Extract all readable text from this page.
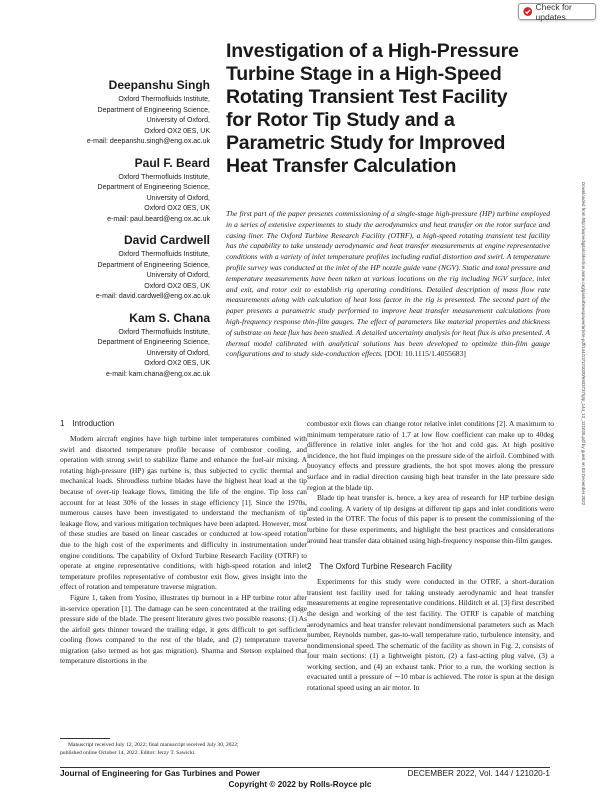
Check for updates
Investigation of a High-Pressure
Turbine Stage in a High-Speed
Rotating Transient Test Facility
for Rotor Tip Study and a
Parametric Study for Improved
Heat Transfer Calculation
Deepanshu Singh
Oxford Thermofluids Institute,
Department of Engineering Science,
University of Oxford,
Oxford OX2 0ES, UK
e-mail: deepanshu.singh@eng.ox.ac.uk
Paul F. Beard
Oxford Thermofluids Institute,
Department of Engineering Science,
University of Oxford,
Oxford OX2 0ES, UK
e-mail: paul.beard@eng.ox.ac.uk
David Cardwell
Oxford Thermofluids Institute,
Department of Engineering Science,
University of Oxford,
Oxford OX2 0ES, UK
e-mail: david.cardwell@eng.ox.ac.uk
Kam S. Chana
Oxford Thermofluids Institute,
Department of Engineering Science,
University of Oxford,
Oxford OX2 0ES, UK
e-mail: kam.chana@eng.ox.ac.uk
The first part of the paper presents commissioning of a single-stage high-pressure (HP) turbine employed in a series of extensive experiments to study the aerodynamics and heat transfer on the rotor surface and casing liner. The Oxford Turbine Research Facility (OTRF), a high-speed rotating transient test facility has the capability to take unsteady aerodynamic and heat transfer measurements at engine representative conditions with a variety of inlet temperature profiles including radial distortion and swirl. A temperature profile survey was conducted at the inlet of the HP nozzle guide vane (NGV). Static and total pressure and temperature measurements have been taken at various locations on the rig including NGV surface, inlet and exit, and rotor exit to establish rig operating conditions. Detailed description of mass flow rate measurements along with calculation of heat loss factor in the rig is presented. The second part of the paper presents a parametric study performed to improve heat transfer measurement calculations from high-frequency response thin-film gauges. The effect of parameters like material properties and thickness of substrate on heat flux has been studied. A detailed uncertainty analysis for heat flux is also presented. A thermal model calibrated with analytical solutions has been developed to optimize thin-film gauge configurations and to study side-conduction effects. [DOI: 10.1115/1.4055683]	Downloaded from http://asmedigitalcollection.asme.org/gasturbinespower/article-pdf/144/12/121020/6933737/gtp_144_12_121020.pdf by guest on 03 December 2022
1 Introduction

Modern aircraft engines have high turbine inlet temperatures combined with swirl and distorted temperature profile because of combustor cooling, and operation with strong swirl to stabilize flame and enhance the fuel-air mixing. A rotating high-pressure (HP) gas turbine is, thus subjected to cyclic thermal and mechanical loads. Shroudless turbine blades have the highest heat load at the tip because of over-tip leakage flows, limiting the life of the engine. Tip loss can account for at least 30% of the losses in stage efficiency [1]. Since the 1970s, numerous causes have been investigated to understand the mechanism of tip leakage flow, and various mitigation techniques have been adapted. However, most of these studies are based on linear cascades or conducted at low-speed rotation due to the high cost of the experiments and difficulty in instrumentation under engine conditions. The capability of Oxford Turbine Research Facility (OTRF) to operate at engine representative conditions, with high-speed rotation and inlet temperature profiles representative of combustor exit flow, gives insight into the effect of rotation and temperature traverse migration.

Figure 1, taken from Yosino, illustrates tip burnout in a HP turbine rotor after in-service operation [1]. The damage can be seen concentrated at the trailing edge pressure side of the blade. The present literature gives two possible reasons: (1) As the airfoil gets thinner toward the trailing edge, it gets difficult to get sufficient cooling flows compared to the rest of the blade, and (2) temperature traverse migration (also termed as hot gas migration). Sharma and Stetson explained that temperature distortions in the

combustor exit flows can change rotor relative inlet conditions [2]. A maximum to minimum temperature ratio of 1.7 at low flow coefficient can make up to 40deg difference in relative inlet angles for the hot and cold gas. At high positive incidence, the hot fluid impinges on the pressure side of the airfoil. Combined with buoyancy effects and pressure gradients, the hot spot moves along the pressure surface and in radial direction causing high heat transfer in the late pressure side region at the blade tip.

Blade tip heat transfer is, hence, a key area of research for HP turbine design and cooling. A variety of tip designs at different tip gaps and inlet conditions were tested in the OTRF. The focus of this paper is to present the commissioning of the turbine for these experiments, and highlight the best practices and considerations around heat transfer data obtained using high-frequency response thin-film gauges.

2 The Oxford Turbine Research Facility

Experiments for this study were conducted in the OTRF, a short-duration transient test facility used for taking unsteady aerodynamic and heat transfer measurements at engine representative conditions. Hilditch et al. [3] first described the design and working of the test facility. The OTRF is capable of matching aerodynamics and heat transfer relevant nondimensional parameters such as Mach number, Reynolds number, gas-to-wall temperature ratio, turbulence intensity, and nondimensional speed. The schematic of the facility as shown in Fig. 2, consists of four main sections: (1) a lightweight piston, (2) a fast-acting plug valve, (3) a working section, and (4) an exhaust tank. Prior to a run, the working section is evacuated until a pressure of ∼10 mbar is achieved. The rotor is spun at the design rotational speed using an air motor. In

Manuscript received July 12, 2022; final manuscript received July 30, 2022;

published online October 14, 2022. Editor: Jerzy T. Sawicki.

Journal of Engineering for Gas Turbines and Power	DECEMBER 2022, Vol. 144 / 121020-1
Copyright © 2022 by Rolls-Royce plc
